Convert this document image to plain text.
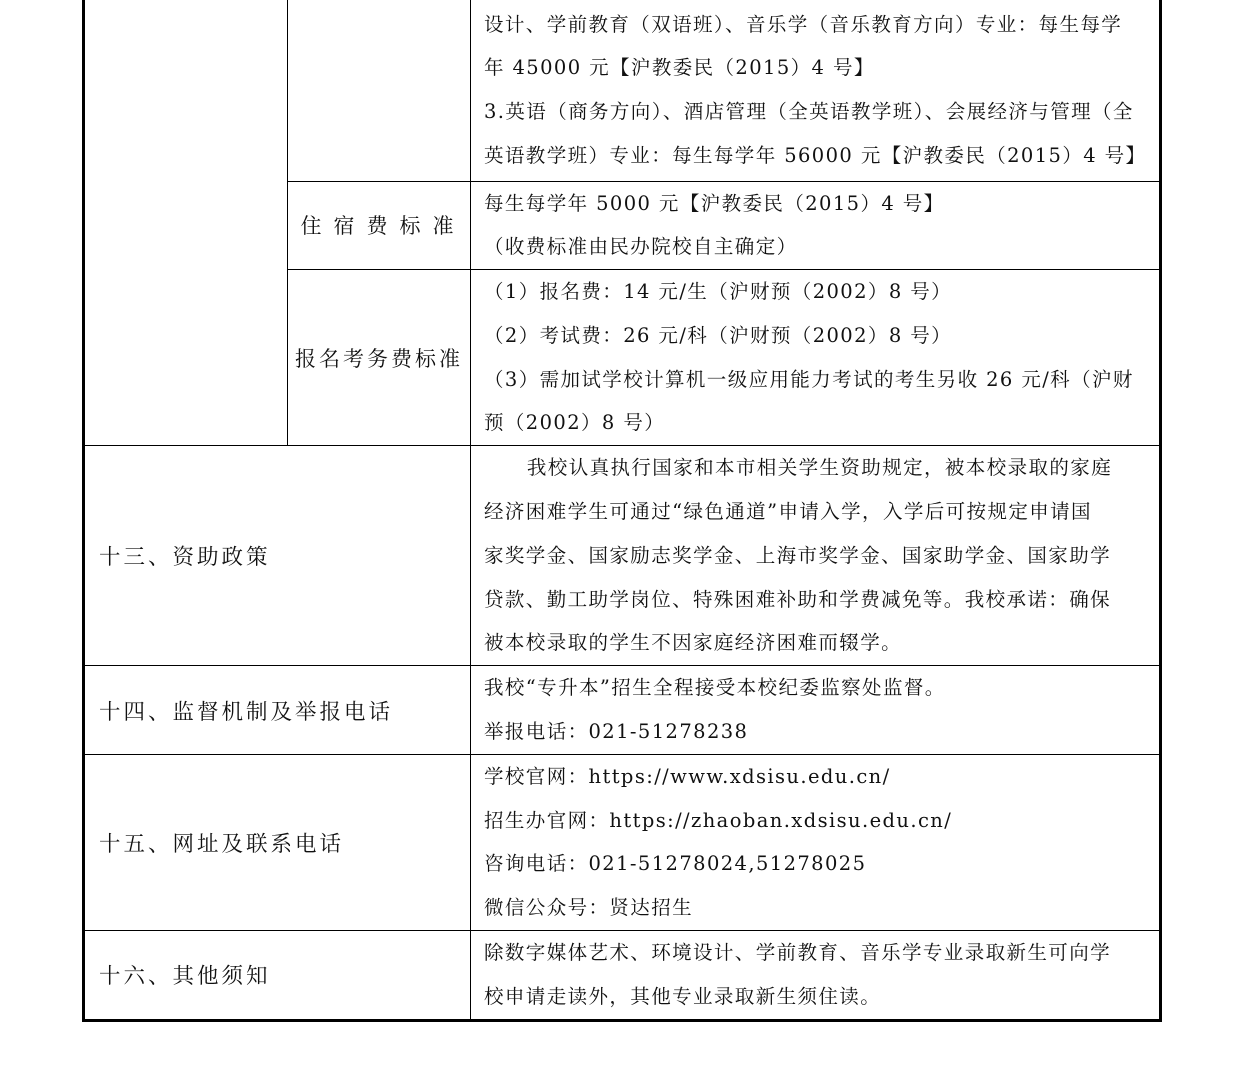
		设计、学前教育（双语班）、音乐学（音乐教育方向）专业：每生每学
年 45000 元【沪教委民（2015）4 号】
3.英语（商务方向）、酒店管理（全英语教学班）、会展经济与管理（全
英语教学班）专业：每生每学年 56000 元【沪教委民（2015）4 号】

	住宿费标准	每生每学年 5000 元【沪教委民（2015）4 号】
（收费标准由民办院校自主确定）

	报名考务费标准	（1）报名费：14 元/生（沪财预（2002）8 号）
（2）考试费：26 元/科（沪财预（2002）8 号）
（3）需加试学校计算机一级应用能力考试的考生另收 26 元/科（沪财
预（2002）8 号）

十三、资助政策		我校认真执行国家和本市相关学生资助规定，被本校录取的家庭
经济困难学生可通过“绿色通道”申请入学，入学后可按规定申请国
家奖学金、国家励志奖学金、上海市奖学金、国家助学金、国家助学
贷款、勤工助学岗位、特殊困难补助和学费减免等。我校承诺：确保
被本校录取的学生不因家庭经济困难而辍学。

十四、监督机制及举报电话		我校“专升本”招生全程接受本校纪委监察处监督。
举报电话：021-51278238

十五、网址及联系电话		学校官网：https://www.xdsisu.edu.cn/
招生办官网：https://zhaoban.xdsisu.edu.cn/
咨询电话：021-51278024,51278025
微信公众号：贤达招生

十六、其他须知		除数字媒体艺术、环境设计、学前教育、音乐学专业录取新生可向学
校申请走读外，其他专业录取新生须住读。
